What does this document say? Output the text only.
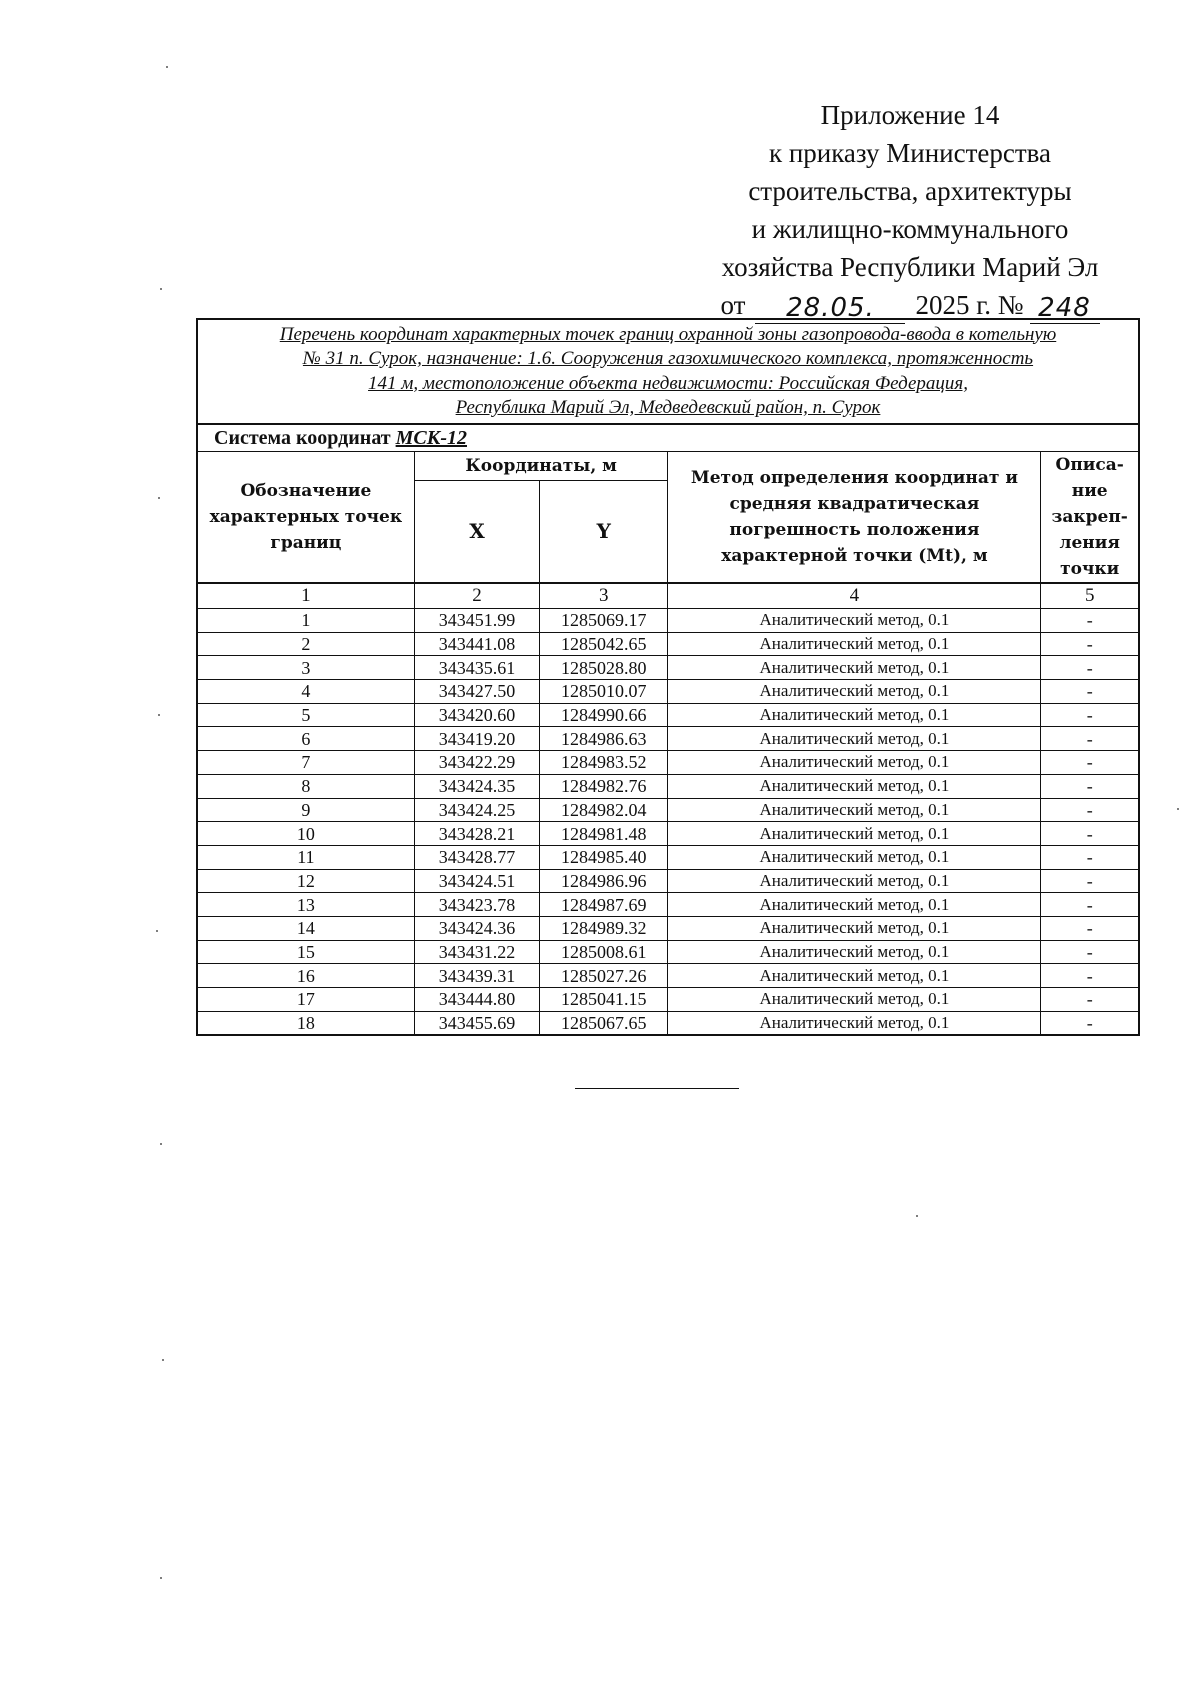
Приложение 14
к приказу Министерства
строительства, архитектуры
и жилищно-коммунального
хозяйства Республики Марий Эл
от	28.05.	2025 г. № 248
Перечень координат характерных точек границ охранной зоны газопровода-ввода в котельную
№ 31 п. Сурок, назначение: 1.6. Сооружения газохимического комплекса, протяженность
141 м, местоположение объекта недвижимости: Российская Федерация,
Республика Марий Эл, Медведевский район, п. Сурок				

Система координат МСК-12				
Обозначение характерных точек границ	Координаты, м		Метод определения координат и средняя квадратическая погрешность положения характерной точки (Mt), м	Описа-ние закреп-ления точки
	X	Y		
1	2	3	4	5
1	343451.99	1285069.17	Аналитический метод, 0.1	-
2	343441.08	1285042.65	Аналитический метод, 0.1	-
3	343435.61	1285028.80	Аналитический метод, 0.1	-
4	343427.50	1285010.07	Аналитический метод, 0.1	-
5	343420.60	1284990.66	Аналитический метод, 0.1	-
6	343419.20	1284986.63	Аналитический метод, 0.1	-
7	343422.29	1284983.52	Аналитический метод, 0.1	-
8	343424.35	1284982.76	Аналитический метод, 0.1	-
9	343424.25	1284982.04	Аналитический метод, 0.1	-
10	343428.21	1284981.48	Аналитический метод, 0.1	-
11	343428.77	1284985.40	Аналитический метод, 0.1	-
12	343424.51	1284986.96	Аналитический метод, 0.1	-
13	343423.78	1284987.69	Аналитический метод, 0.1	-
14	343424.36	1284989.32	Аналитический метод, 0.1	-
15	343431.22	1285008.61	Аналитический метод, 0.1	-
16	343439.31	1285027.26	Аналитический метод, 0.1	-
17	343444.80	1285041.15	Аналитический метод, 0.1	-
18	343455.69	1285067.65	Аналитический метод, 0.1	-
